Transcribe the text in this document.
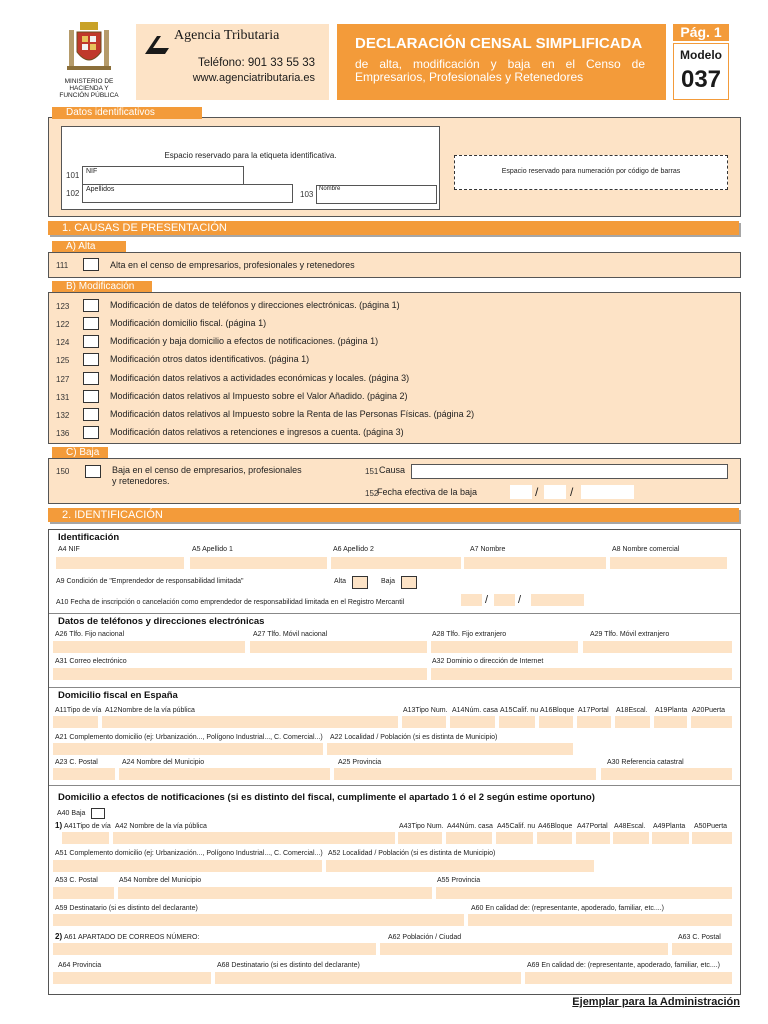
MINISTERIO DE HACIENDA Y FUNCIÓN PÚBLICA
Agencia Tributaria
Teléfono: 901 33 55 33
www.agenciatributaria.es
DECLARACIÓN CENSAL SIMPLIFICADA
de alta, modificación y baja en el Censo de Empresarios, Profesionales y Retenedores
Pág. 1
Modelo
037
Datos identificativos
Espacio reservado para la etiqueta identificativa.
101 NIF
102 Apellidos
103
Nombre
Espacio reservado para numeración por código de barras
1. CAUSAS DE PRESENTACIÓN
A) Alta
111	Alta en el censo de empresarios, profesionales y retenedores
B) Modificación
123	Modificación de datos de teléfonos y direcciones electrónicas. (página 1)
122	Modificación domicilio fiscal. (página 1)
124	Modificación y baja domicilio a efectos de notificaciones. (página 1)
125	Modificación otros datos identificativos. (página 1)
127	Modificación datos relativos a actividades económicas y locales. (página 3)
131	Modificación datos relativos al Impuesto sobre el Valor Añadido. (página 2)
132	Modificación datos relativos al Impuesto sobre la Renta de las Personas Físicas. (página 2)
136	Modificación datos relativos a retenciones e ingresos a cuenta. (página 3)
C) Baja
150	Baja en el censo de empresarios, profesionales
y retenedores.
151 Causa
152
Fecha efectiva de la baja	/	/
2. IDENTIFICACIÓN
Identificación
A4 NIF	A5 Apellido 1	A6 Apellido 2	A7 Nombre	A8 Nombre comercial
A9 Condición de "Emprendedor de responsabilidad limitada"	Alta	Baja
A10 Fecha de inscripción o cancelación como emprendedor de responsabilidad limitada en el Registro Mercantil	/	/
Datos de teléfonos y direcciones electrónicas
A26 Tlfo. Fijo nacional	A27 Tlfo. Móvil nacional	A28 Tlfo. Fijo extranjero	A29 Tlfo. Móvil extranjero
A31 Correo electrónico	A32 Dominio o dirección de Internet
Domicilio fiscal en España
A11Tipo de vía A12Nombre de la vía pública	A13Tipo Num. A14Núm. casa A15Calif. nu A16Bloque A17Portal A18Escal. A19Planta A20Puerta
A21 Complemento domicilio (ej: Urbanización..., Polígono Industrial..., C. Comercial...) A22 Localidad / Población (si es distinta de Municipio)
A23 C. Postal	A24 Nombre del Municipio	A25 Provincia	A30 Referencia catastral
Domicilio a efectos de notificaciones (si es distinto del fiscal, cumplimente el apartado 1 ó el 2 según estime oportuno)
A40 Baja
1) A41Tipo de vía A42 Nombre de la vía pública	A43Tipo Num. A44Núm. casa A45Calif. nu A46Bloque A47Portal A48Escal. A49Planta A50Puerta
A51 Complemento domicilio (ej: Urbanización..., Polígono Industrial..., C. Comercial...) A52 Localidad / Población (si es distinta de Municipio)
A53 C. Postal	A54 Nombre del Municipio	A55 Provincia
A59 Destinatario (si es distinto del declarante)	A60 En calidad de: (representante, apoderado, familiar, etc....)
2) A61 APARTADO DE CORREOS NÚMERO:	A62 Población / Ciudad	A63 C. Postal
A64 Provincia	A68 Destinatario (si es distinto del declarante)	A69 En calidad de: (representante, apoderado, familiar, etc....)
Ejemplar para la Administración
